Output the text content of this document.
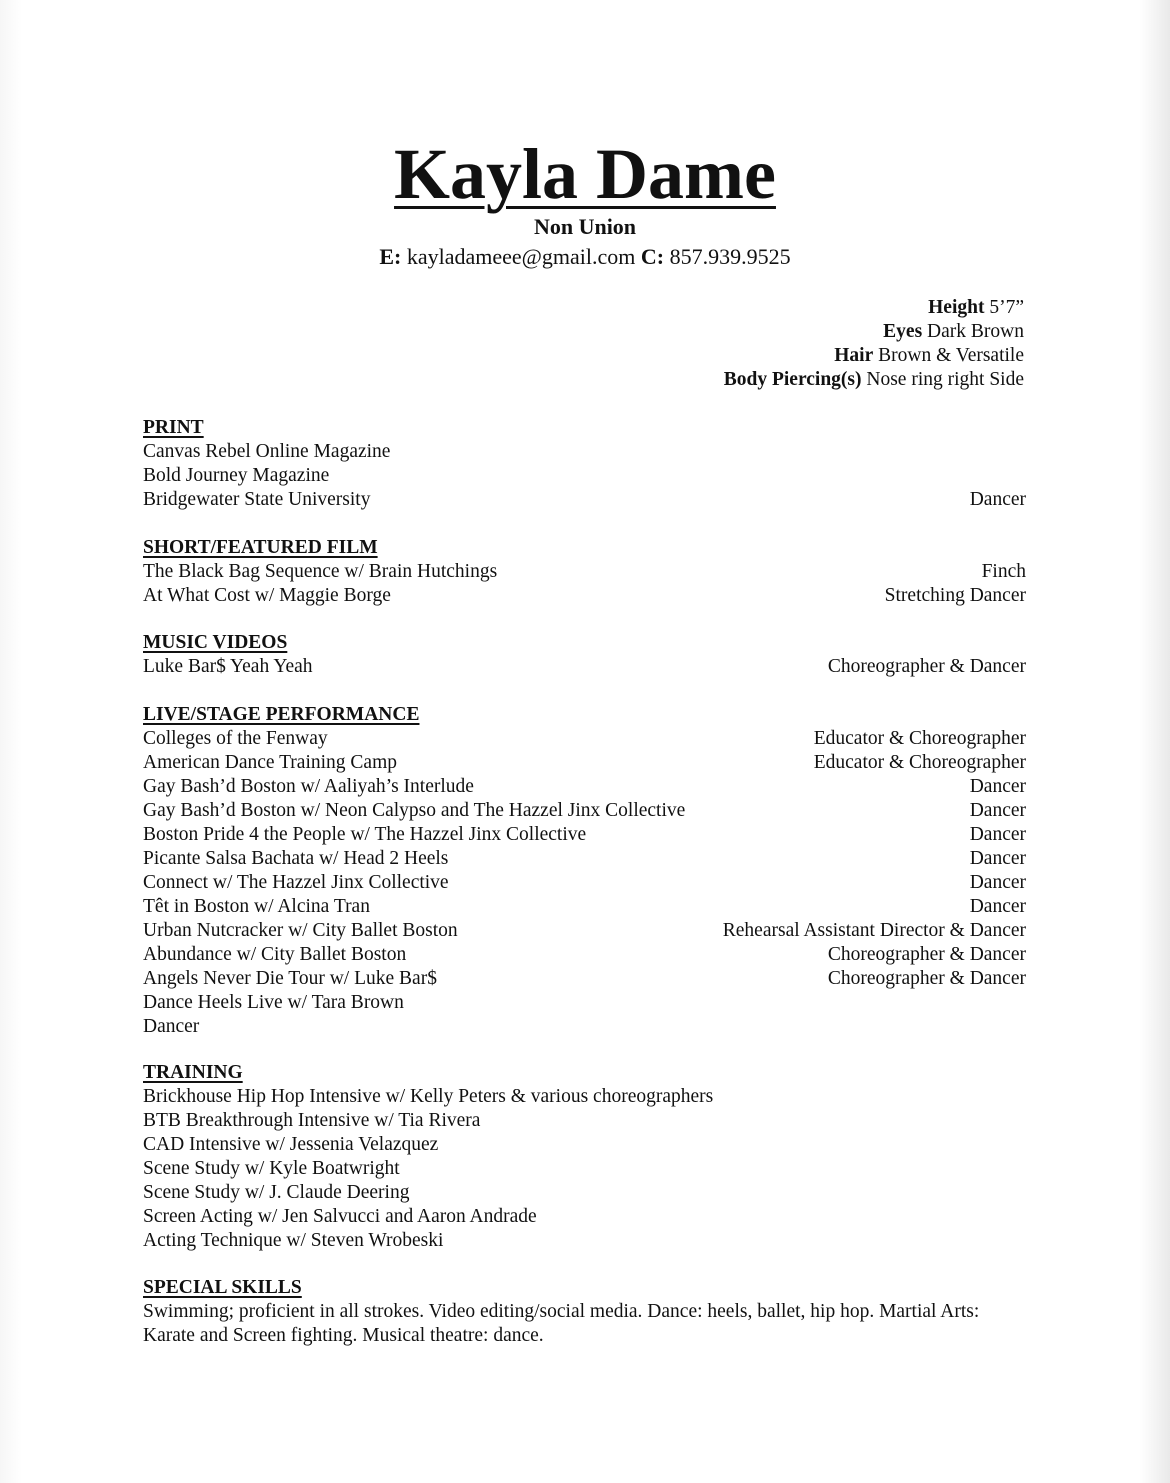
Kayla Dame
Non Union
E: kayladameee@gmail.com C: 857.939.9525
Height 5’7”
Eyes Dark Brown
Hair Brown & Versatile
Body Piercing(s) Nose ring right Side
PRINT
Canvas Rebel Online Magazine
Bold Journey Magazine
Bridgewater State University	Dancer
SHORT/FEATURED FILM
The Black Bag Sequence w/ Brain Hutchings	Finch
At What Cost w/ Maggie Borge	Stretching Dancer
MUSIC VIDEOS
Luke Bar$ Yeah Yeah	Choreographer & Dancer
LIVE/STAGE PERFORMANCE
Colleges of the Fenway	Educator & Choreographer
American Dance Training Camp	Educator & Choreographer
Gay Bash’d Boston w/ Aaliyah’s Interlude	Dancer
Gay Bash’d Boston w/ Neon Calypso and The Hazzel Jinx Collective	Dancer
Boston Pride 4 the People w/ The Hazzel Jinx Collective	Dancer
Picante Salsa Bachata w/ Head 2 Heels	Dancer
Connect w/ The Hazzel Jinx Collective	Dancer
Têt in Boston w/ Alcina Tran	Dancer
Urban Nutcracker w/ City Ballet Boston	Rehearsal Assistant Director & Dancer
Abundance w/ City Ballet Boston	Choreographer & Dancer
Angels Never Die Tour w/ Luke Bar$	Choreographer & Dancer
Dance Heels Live w/ Tara Brown
Dancer
TRAINING
Brickhouse Hip Hop Intensive w/ Kelly Peters & various choreographers
BTB Breakthrough Intensive w/ Tia Rivera
CAD Intensive w/ Jessenia Velazquez
Scene Study w/ Kyle Boatwright
Scene Study w/ J. Claude Deering
Screen Acting w/ Jen Salvucci and Aaron Andrade
Acting Technique w/ Steven Wrobeski
SPECIAL SKILLS
Swimming; proficient in all strokes. Video editing/social media. Dance: heels, ballet, hip hop. Martial Arts: Karate and Screen fighting. Musical theatre: dance.
